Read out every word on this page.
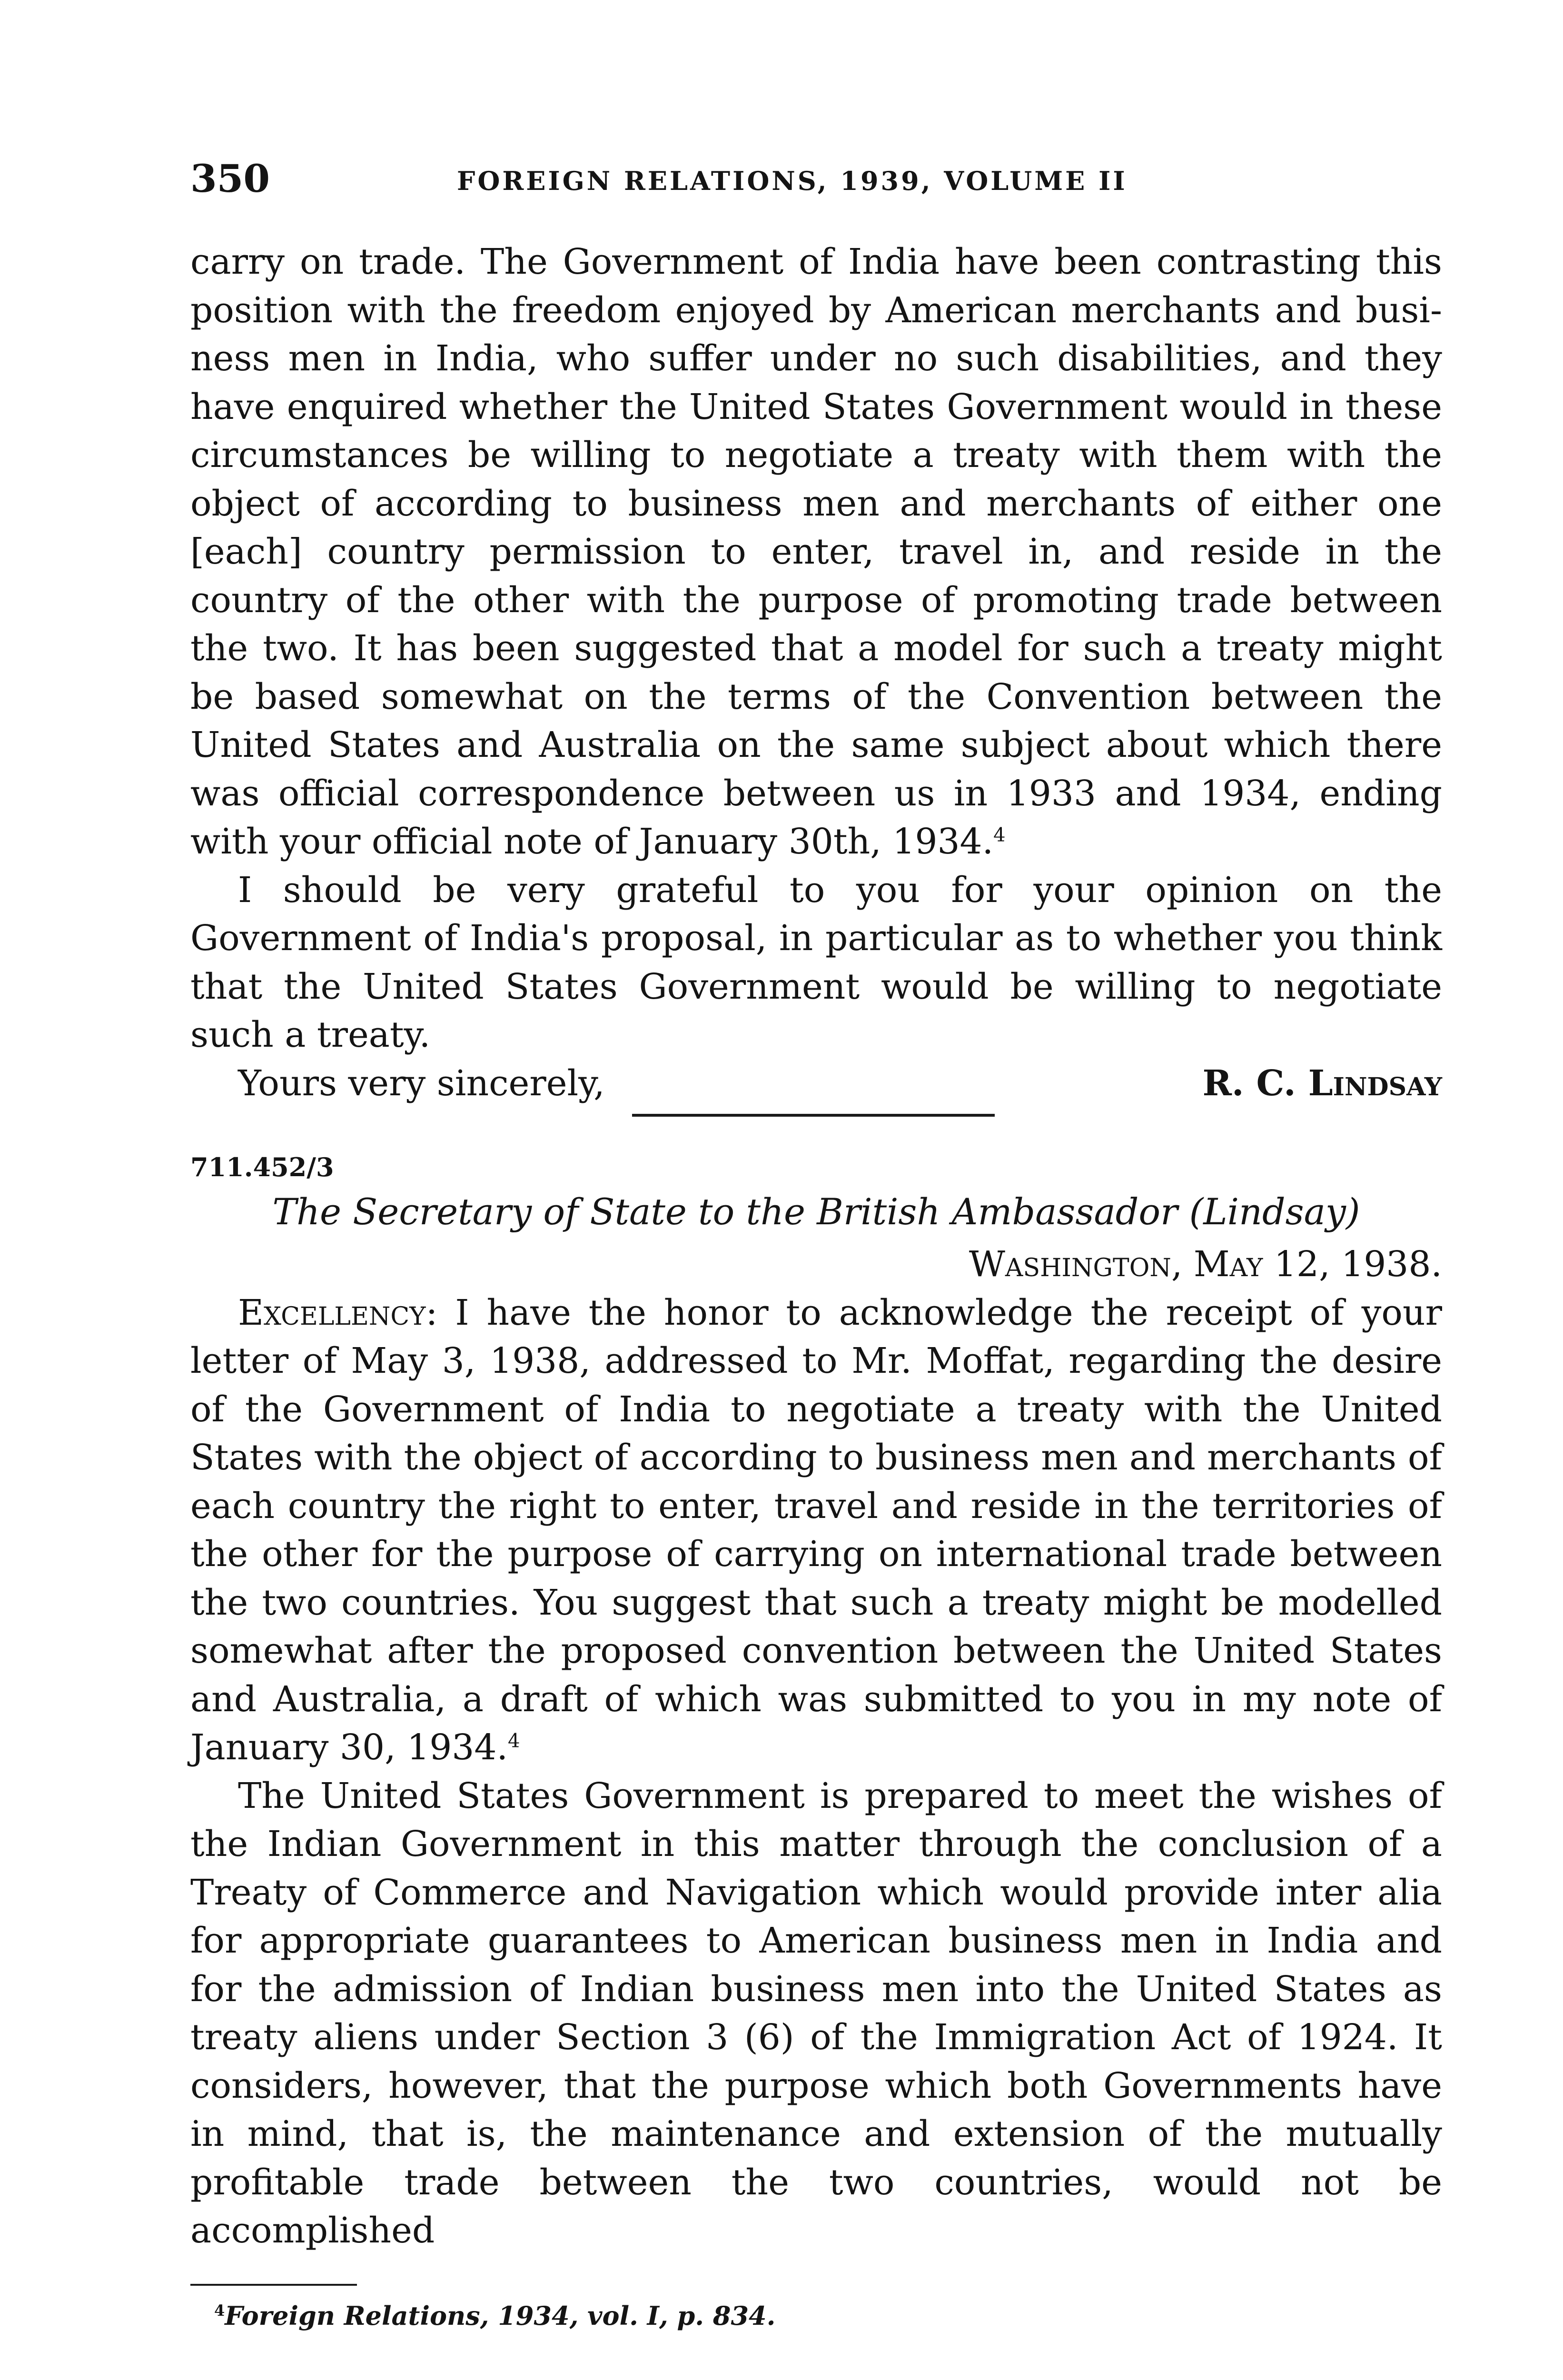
350	FOREIGN RELATIONS, 1939, VOLUME II

carry on trade. The Government of India have been contrasting this position with the freedom enjoyed by American merchants and business men in India, who suffer under no such disabilities, and they have enquired whether the United States Government would in these circumstances be willing to negotiate a treaty with them with the object of according to business men and merchants of either one [each] country permission to enter, travel in, and reside in the country of the other with the purpose of promoting trade between the two. It has been suggested that a model for such a treaty might be based somewhat on the terms of the Convention between the United States and Australia on the same subject about which there was official correspondence between us in 1933 and 1934, ending with your official note of January 30th, 1934.$^4$

I should be very grateful to you for your opinion on the Government of India's proposal, in particular as to whether you think that the United States Government would be willing to negotiate such a treaty.

Yours very sincerely,	R. C. Lindsay
711.452/3
The Secretary of State to the British Ambassador (Lindsay)

Washington, May 12, 1938.

Excellency: I have the honor to acknowledge the receipt of your letter of May 3, 1938, addressed to Mr. Moffat, regarding the desire of the Government of India to negotiate a treaty with the United States with the object of according to business men and merchants of each country the right to enter, travel and reside in the territories of the other for the purpose of carrying on international trade between the two countries. You suggest that such a treaty might be modelled somewhat after the proposed convention between the United States and Australia, a draft of which was submitted to you in my note of January 30, 1934.$^4$

The United States Government is prepared to meet the wishes of the Indian Government in this matter through the conclusion of a Treaty of Commerce and Navigation which would provide inter alia for appropriate guarantees to American business men in India and for the admission of Indian business men into the United States as treaty aliens under Section 3 (6) of the Immigration Act of 1924. It considers, however, that the purpose which both Governments have in mind, that is, the maintenance and extension of the mutually profitable trade between the two countries, would not be accomplished

$^4$Foreign Relations, 1934, vol. I, p. 834.
